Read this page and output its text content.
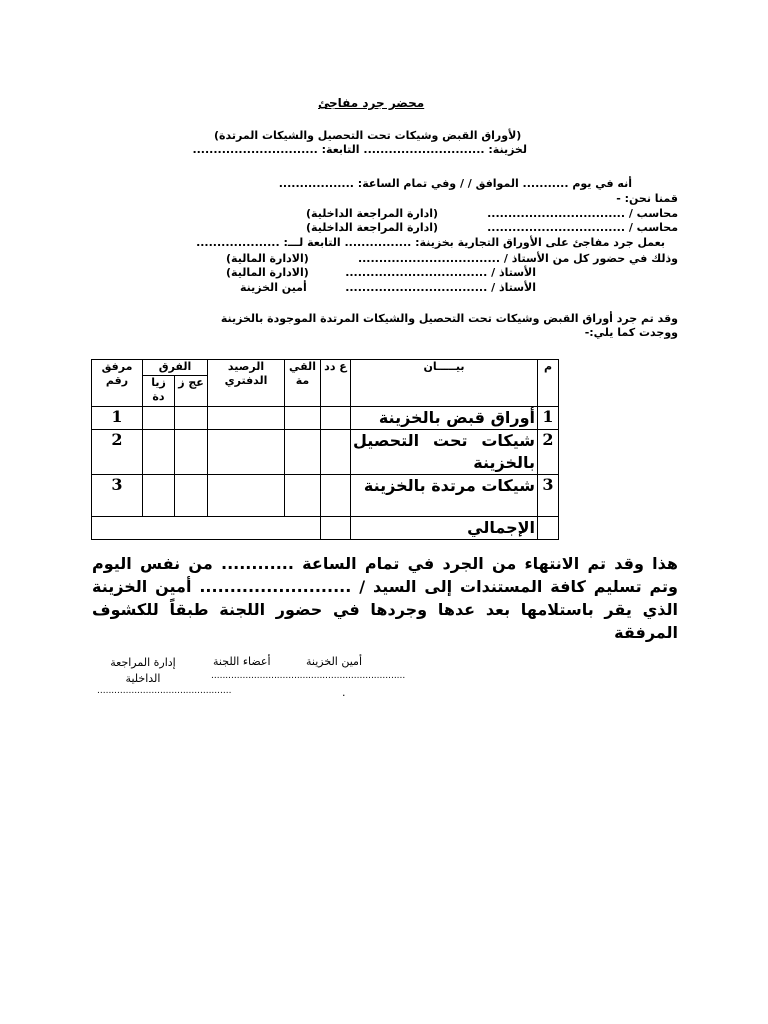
محضر جرد مفاجئ
(لأوراق القبض وشيكات تحت التحصيل والشيكات المرتدة)
لخزينة: ............................. التابعة: ..............................
أنه في يوم ........... الموافق / / وفي تمام الساعة: ..................
قمنا نحن: -
محاسب / .................................
(ادارة المراجعة الداخلية)
محاسب / .................................
(ادارة المراجعة الداخلية)
بعمل جرد مفاجئ على الأوراق التجارية بخزينة: ................ التابعة لـــ: ....................
وذلك في حضور كل من الأستاذ / ..................................
(الادارة المالية)
الأستاذ / ..................................
(الادارة المالية)
الأستاذ / ..................................
أمين الخزينة
وقد تم جرد أوراق القبض وشيكات تحت التحصيل والشيكات المرتدة الموجودة بالخزينة
ووجدت كما يلي:-
م	بيـــــان	ع دد	القي مة	الرصيد الدفتري	الفرق		مرفق رقم
					عج ز	زيا دة	
1	أوراق قبض بالخزينة						1
2	شيكات تحت التحصيل بالخزينة						2
3	شيكات مرتدة بالخزينة						3
	الإجمالي						
هذا وقد تم الانتهاء من الجرد في تمام الساعة ............ من نفس اليوم وتم تسليم كافة المستندات إلى السيد / ......................... أمين الخزينة الذي يقر باستلامها بعد عدها وجردها في حضور اللجنة طبقاً للكشوف المرفقة
أمين الخزينة
..................................
أعضاء اللجنة
..................................
إدارة المراجعة الداخلية
...............................................	.
